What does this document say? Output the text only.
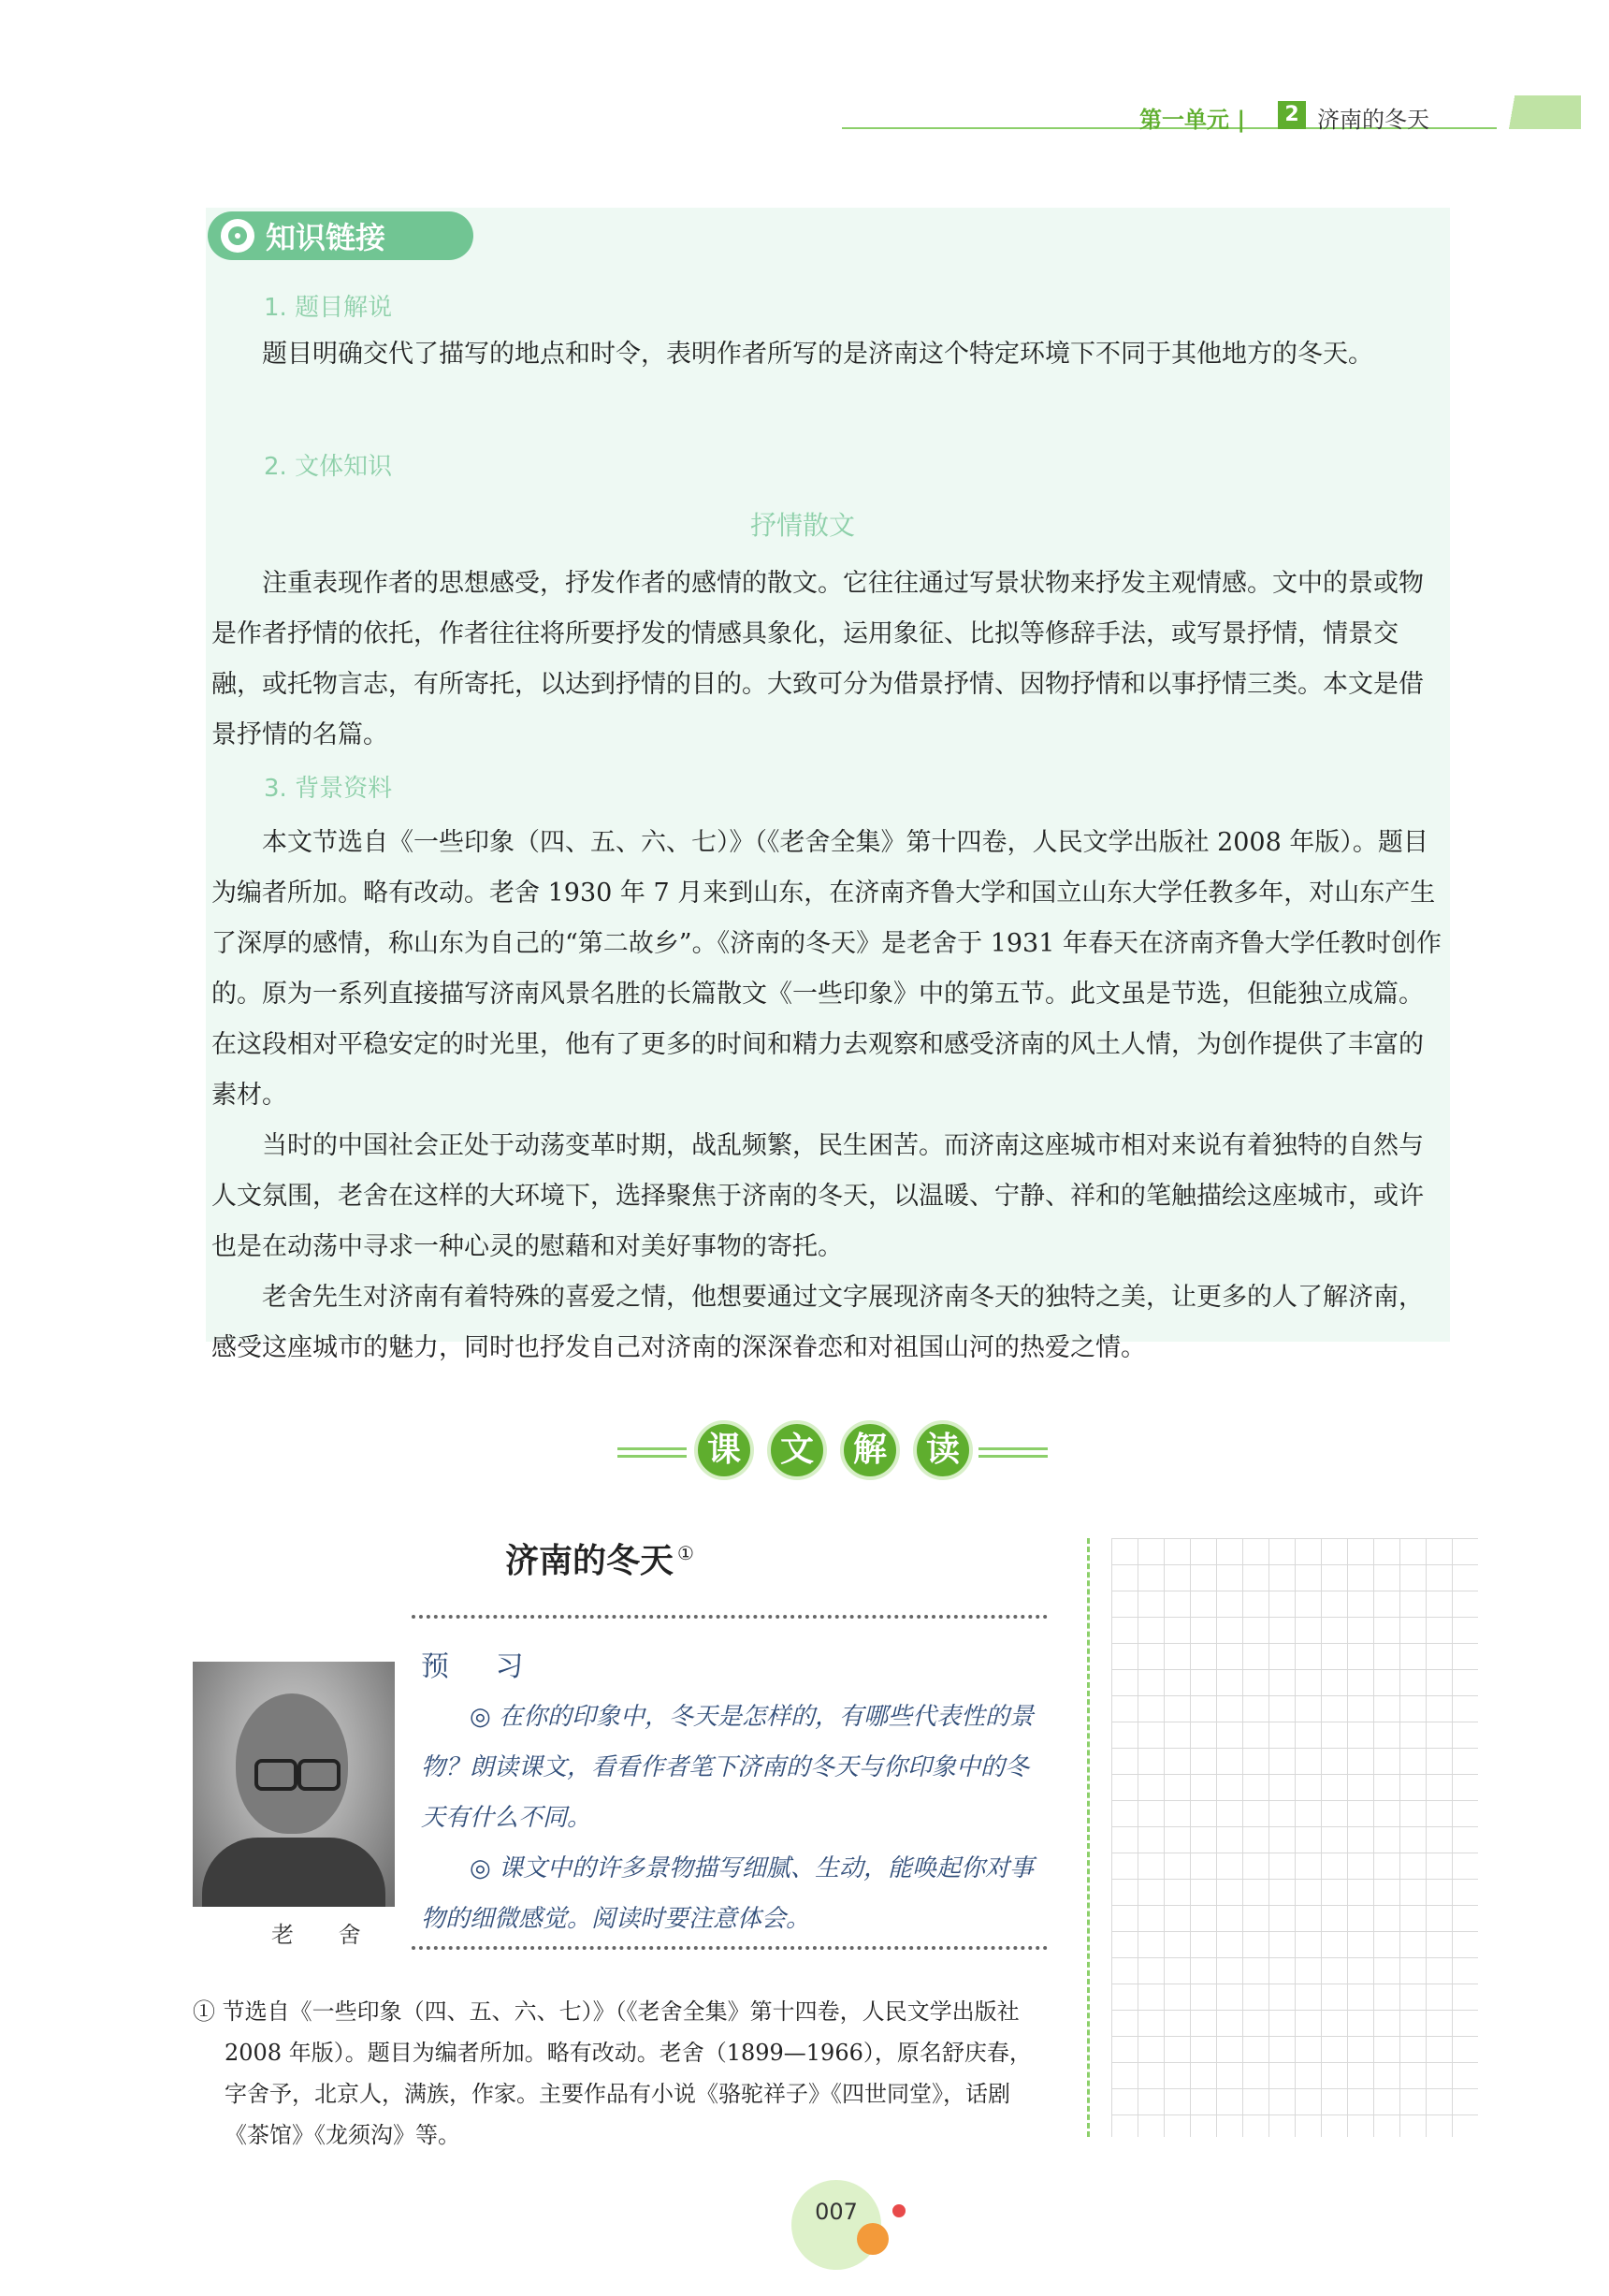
第一单元 |	2 济南的冬天
知识链接
1. 题目解说

题目明确交代了描写的地点和时令，表明作者所写的是济南这个特定环境下不同于其他地方的冬天。

2. 文体知识
抒情散文

注重表现作者的思想感受，抒发作者的感情的散文。它往往通过写景状物来抒发主观情感。文中的景或物是作者抒情的依托，作者往往将所要抒发的情感具象化，运用象征、比拟等修辞手法，或写景抒情，情景交融，或托物言志，有所寄托，以达到抒情的目的。大致可分为借景抒情、因物抒情和以事抒情三类。本文是借景抒情的名篇。

3. 背景资料

本文节选自《一些印象（四、五、六、七）》（《老舍全集》第十四卷，人民文学出版社 2008 年版）。题目为编者所加。略有改动。老舍 1930 年 7 月来到山东，在济南齐鲁大学和国立山东大学任教多年，对山东产生了深厚的感情，称山东为自己的“第二故乡”。《济南的冬天》是老舍于 1931 年春天在济南齐鲁大学任教时创作的。原为一系列直接描写济南风景名胜的长篇散文《一些印象》中的第五节。此文虽是节选，但能独立成篇。在这段相对平稳安定的时光里，他有了更多的时间和精力去观察和感受济南的风土人情，为创作提供了丰富的素材。

当时的中国社会正处于动荡变革时期，战乱频繁，民生困苦。而济南这座城市相对来说有着独特的自然与人文氛围，老舍在这样的大环境下，选择聚焦于济南的冬天，以温暖、宁静、祥和的笔触描绘这座城市，或许也是在动荡中寻求一种心灵的慰藉和对美好事物的寄托。

老舍先生对济南有着特殊的喜爱之情，他想要通过文字展现济南冬天的独特之美，让更多的人了解济南，感受这座城市的魅力，同时也抒发自己对济南的深深眷恋和对祖国山河的热爱之情。

课	文	解	读
济南的冬天 ①
老 舍
预 习

◎ 在你的印象中，冬天是怎样的，有哪些代表性的景物？朗读课文，看看作者笔下济南的冬天与你印象中的冬天有什么不同。

◎ 课文中的许多景物描写细腻、生动，能唤起你对事物的细微感觉。阅读时要注意体会。

① 节选自《一些印象（四、五、六、七）》（《老舍全集》第十四卷，人民文学出版社 2008 年版）。题目为编者所加。略有改动。老舍（1899—1966），原名舒庆春，字舍予，北京人，满族，作家。主要作品有小说《骆驼祥子》《四世同堂》，话剧《茶馆》《龙须沟》等。

007
